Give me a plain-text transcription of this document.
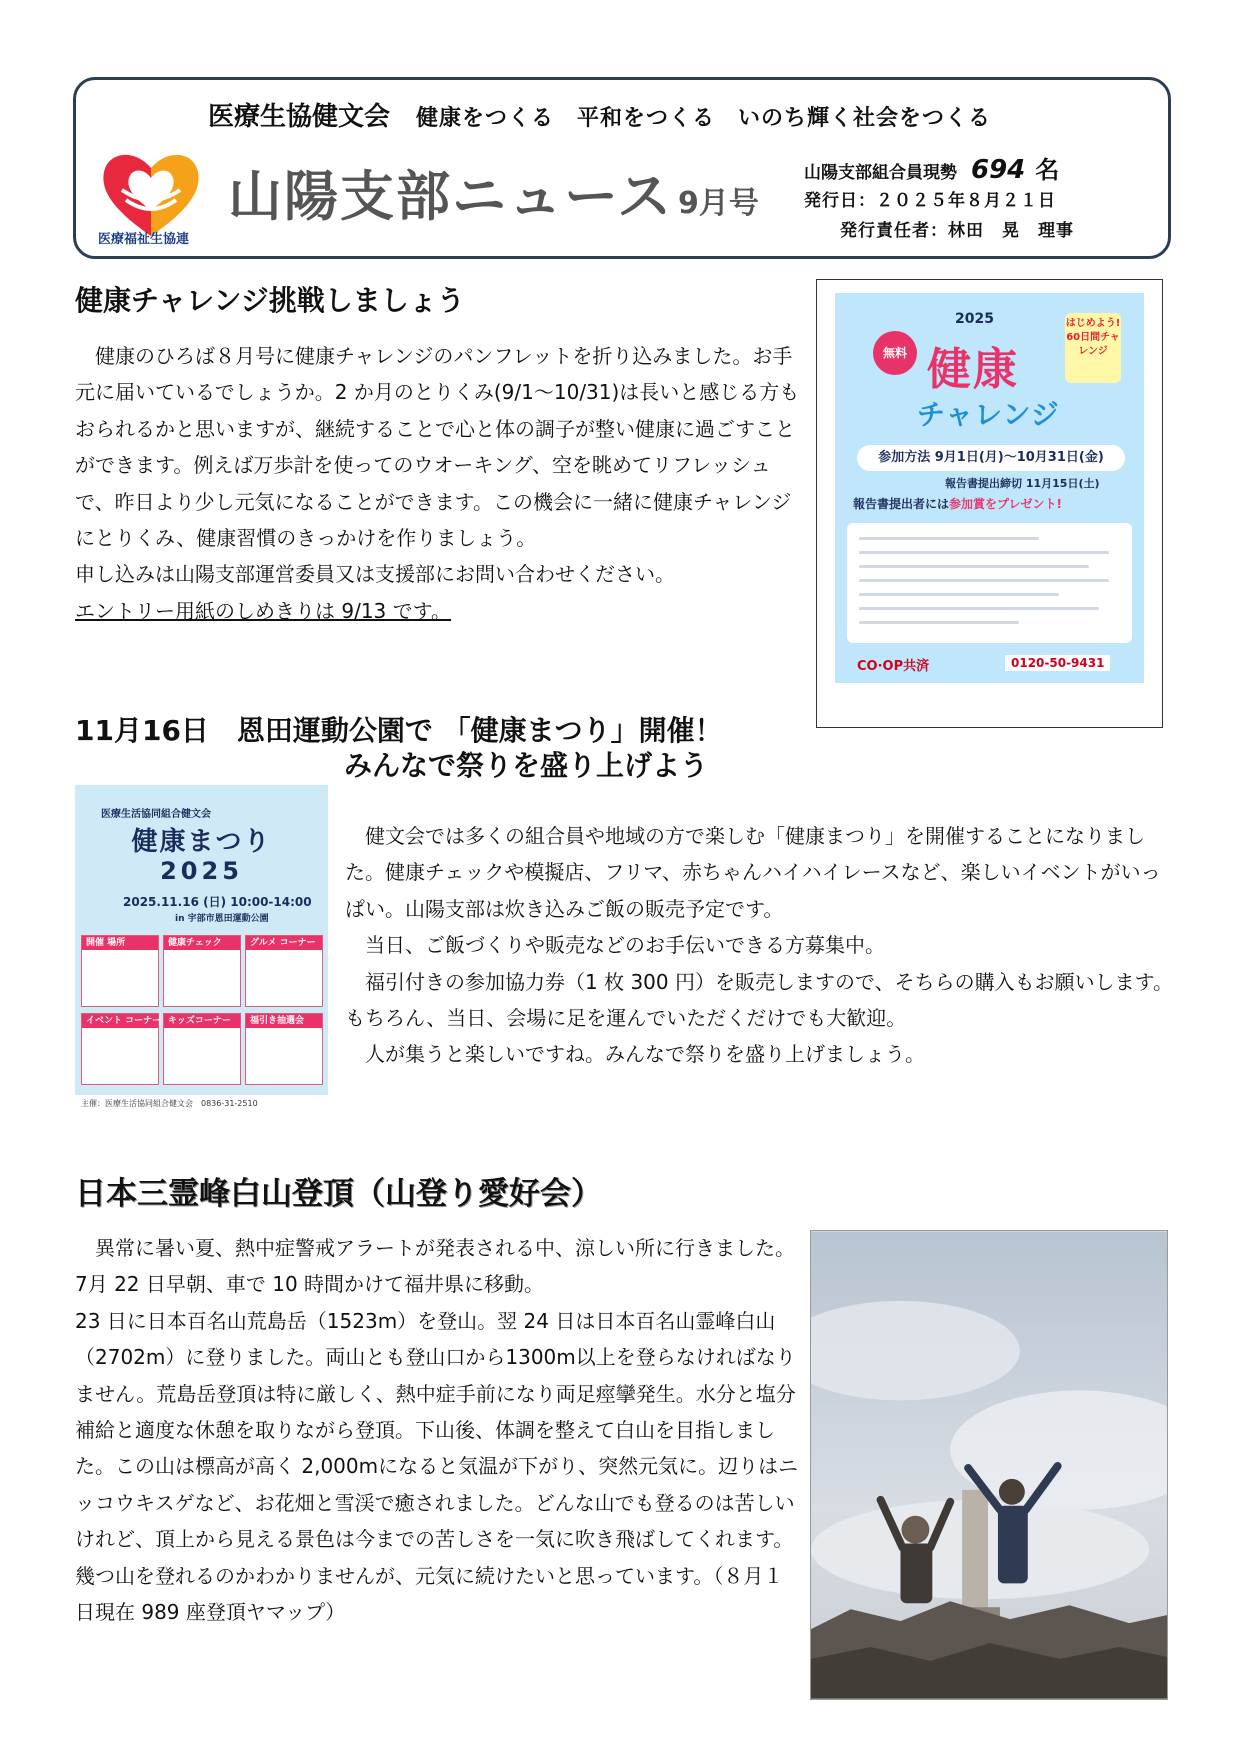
医療生協健文会 健康をつくる　平和をつくる　いのち輝く社会をつくる
医療福祉生協連
山陽支部ニュース 9月号
山陽支部組合員現勢 694 名
発行日：２０２５年８月２１日
発行責任者：林田　晃　理事
健康チャレンジ挑戦しましょう

健康のひろば８月号に健康チャレンジのパンフレットを折り込みました。お手元に届いているでしょうか。2 か月のとりくみ(9/1～10/31)は長いと感じる方もおられるかと思いますが、継続することで心と体の調子が整い健康に過ごすことができます。例えば万歩計を使ってのウオーキング、空を眺めてリフレッシュで、昨日より少し元気になることができます。この機会に一緒に健康チャレンジにとりくみ、健康習慣のきっかけを作りましょう。

申し込みは山陽支部運営委員又は支援部にお問い合わせください。

エントリー用紙のしめきりは 9/13 です。

2025
無料 健康
チャレンジ
はじめよう! 60日間チャレンジ
参加方法 9月1日(月)〜10月31日(金)
報告書提出締切 11月15日(土)
報告書提出者には参加賞をプレゼント!
CO·OP共済	0120-50-9431
11月16日　恩田運動公園で 「健康まつり」開催！
みんなで祭りを盛り上げよう
医療生活協同組合健文会
健康まつり
2025
2025.11.16 (日) 10:00-14:00
in 宇部市恩田運動公園
開催 場所	健康チェック	グルメ コーナー
イベント コーナー キッズコーナー	福引き抽選会
主催：医療生活協同組合健文会　0836-31-2510

健文会では多くの組合員や地域の方で楽しむ「健康まつり」を開催することになりました。健康チェックや模擬店、フリマ、赤ちゃんハイハイレースなど、楽しいイベントがいっぱい。山陽支部は炊き込みご飯の販売予定です。

当日、ご飯づくりや販売などのお手伝いできる方募集中。

福引付きの参加協力券（1 枚 300 円）を販売しますので、そちらの購入もお願いします。もちろん、当日、会場に足を運んでいただくだけでも大歓迎。

人が集うと楽しいですね。みんなで祭りを盛り上げましょう。

日本三霊峰白山登頂（山登り愛好会）

異常に暑い夏、熱中症警戒アラートが発表される中、涼しい所に行きました。7月 22 日早朝、車で 10 時間かけて福井県に移動。

23 日に日本百名山荒島岳（1523m）を登山。翌 24 日は日本百名山霊峰白山（2702m）に登りました。両山とも登山口から1300m以上を登らなければなりません。荒島岳登頂は特に厳しく、熱中症手前になり両足痙攣発生。水分と塩分補給と適度な休憩を取りながら登頂。下山後、体調を整えて白山を目指しました。この山は標高が高く 2,000mになると気温が下がり、突然元気に。辺りはニッコウキスゲなど、お花畑と雪渓で癒されました。どんな山でも登るのは苦しいけれど、頂上から見える景色は今までの苦しさを一気に吹き飛ばしてくれます。幾つ山を登れるのかわかりませんが、元気に続けたいと思っています。（８月１日現在 989 座登頂ヤマップ）
